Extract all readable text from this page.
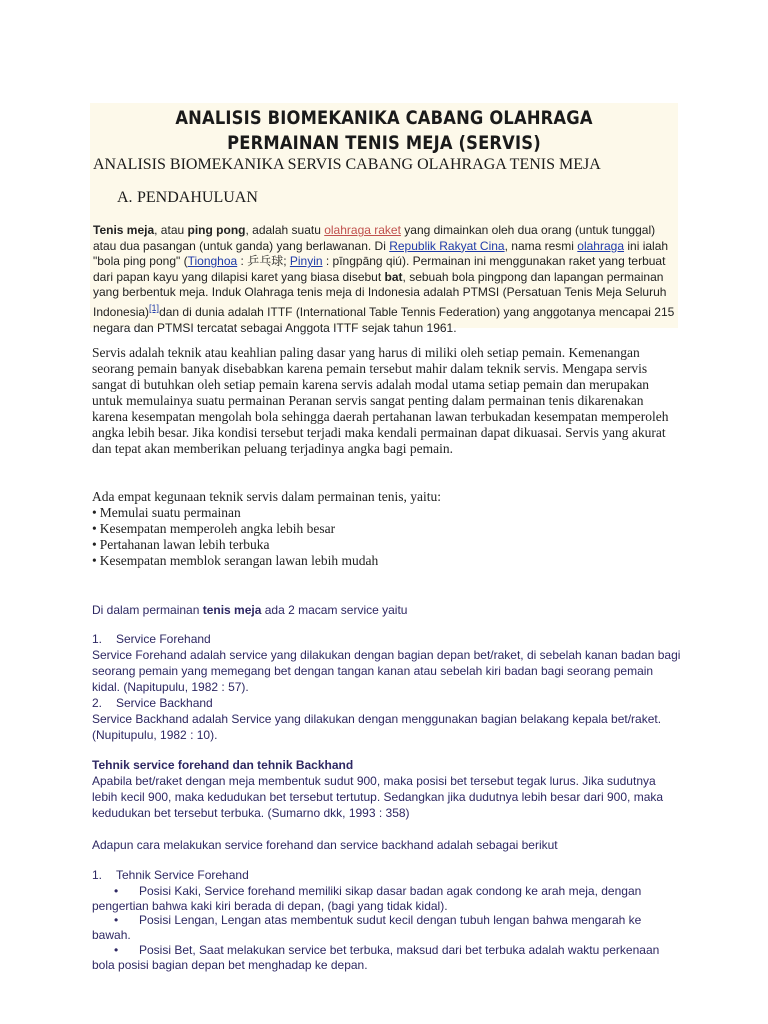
ANALISIS BIOMEKANIKA CABANG OLAHRAGA PERMAINAN TENIS MEJA (SERVIS)
ANALISIS BIOMEKANIKA SERVIS CABANG OLAHRAGA TENIS MEJA
A. PENDAHULUAN
Tenis meja, atau ping pong, adalah suatu olahraga raket yang dimainkan oleh dua orang (untuk tunggal) atau dua pasangan (untuk ganda) yang berlawanan. Di Republik Rakyat Cina, nama resmi olahraga ini ialah "bola ping pong" (Tionghoa : 乒乓球; Pinyin : pīngpāng qiú). Permainan ini menggunakan raket yang terbuat dari papan kayu yang dilapisi karet yang biasa disebut bat, sebuah bola pingpong dan lapangan permainan yang berbentuk meja. Induk Olahraga tenis meja di Indonesia adalah PTMSI (Persatuan Tenis Meja Seluruh Indonesia)[1]dan di dunia adalah ITTF (International Table Tennis Federation) yang anggotanya mencapai 215 negara dan PTMSI tercatat sebagai Anggota ITTF sejak tahun 1961.
Servis adalah teknik atau keahlian paling dasar yang harus di miliki oleh setiap pemain. Kemenangan seorang pemain banyak disebabkan karena pemain tersebut mahir dalam teknik servis. Mengapa servis sangat di butuhkan oleh setiap pemain karena servis adalah modal utama setiap pemain dan merupakan untuk memulainya suatu permainan Peranan servis sangat penting dalam permainan tenis dikarenakan karena kesempatan mengolah bola sehingga daerah pertahanan lawan terbukadan kesempatan memperoleh angka lebih besar. Jika kondisi tersebut terjadi maka kendali permainan dapat dikuasai. Servis yang akurat dan tepat akan memberikan peluang terjadinya angka bagi pemain.
Ada empat kegunaan teknik servis dalam permainan tenis, yaitu:
• Memulai suatu permainan
• Kesempatan memperoleh angka lebih besar
• Pertahanan lawan lebih terbuka
• Kesempatan memblok serangan lawan lebih mudah
Di dalam permainan tenis meja ada 2 macam service yaitu
1. Service Forehand
Service Forehand adalah service yang dilakukan dengan bagian depan bet/raket, di sebelah kanan badan bagi seorang pemain yang memegang bet dengan tangan kanan atau sebelah kiri badan bagi seorang pemain kidal. (Napitupulu, 1982 : 57).
2. Service Backhand
Service Backhand adalah Service yang dilakukan dengan menggunakan bagian belakang kepala bet/raket. (Nupitupulu, 1982 : 10).
Tehnik service forehand dan tehnik Backhand
Apabila bet/raket dengan meja membentuk sudut 900, maka posisi bet tersebut tegak lurus. Jika sudutnya lebih kecil 900, maka kedudukan bet tersebut tertutup. Sedangkan jika dudutnya lebih besar dari 900, maka kedudukan bet tersebut terbuka. (Sumarno dkk, 1993 : 358)
Adapun cara melakukan service forehand dan service backhand adalah sebagai berikut
1. Tehnik Service Forehand
• Posisi Kaki, Service forehand memiliki sikap dasar badan agak condong ke arah meja, dengan pengertian bahwa kaki kiri berada di depan, (bagi yang tidak kidal).
• Posisi Lengan, Lengan atas membentuk sudut kecil dengan tubuh lengan bahwa mengarah ke bawah.
• Posisi Bet, Saat melakukan service bet terbuka, maksud dari bet terbuka adalah waktu perkenaan bola posisi bagian depan bet menghadap ke depan.
